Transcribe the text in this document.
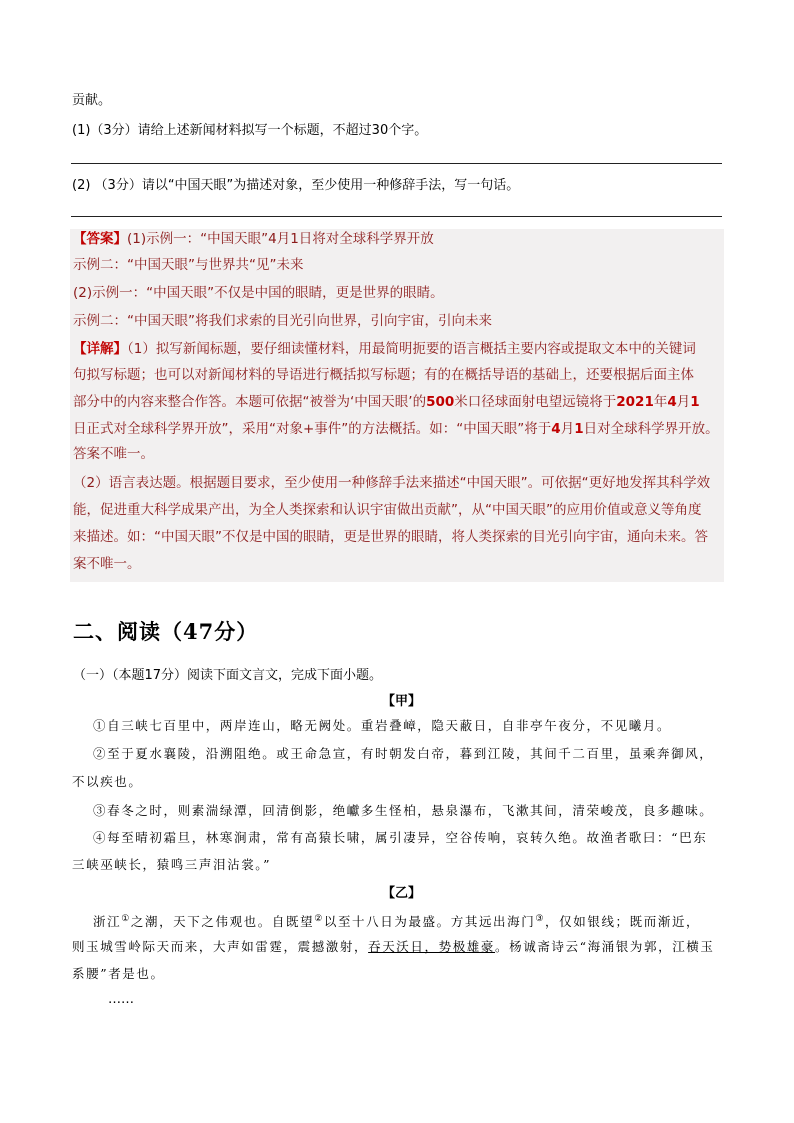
贡献。
(1)（3分）请给上述新闻材料拟写一个标题，不超过30个字。
(2) （3分）请以“中国天眼”为描述对象，至少使用一种修辞手法，写一句话。
【答案】(1)示例一：“中国天眼”4月1日将对全球科学界开放
示例二：“中国天眼”与世界共“见”未来
(2)示例一：“中国天眼”不仅是中国的眼睛，更是世界的眼睛。
示例二：“中国天眼”将我们求索的目光引向世界，引向宇宙，引向未来
【详解】（1）拟写新闻标题，要仔细读懂材料，用最简明扼要的语言概括主要内容或提取文本中的关键词
句拟写标题；也可以对新闻材料的导语进行概括拟写标题；有的在概括导语的基础上，还要根据后面主体
部分中的内容来整合作答。本题可依据“被誉为‘中国天眼’的500米口径球面射电望远镜将于2021年4月1
日正式对全球科学界开放”，采用“对象+事件”的方法概括。如：“中国天眼”将于4月1日对全球科学界开放。
答案不唯一。
（2）语言表达题。根据题目要求，至少使用一种修辞手法来描述“中国天眼”。可依据“更好地发挥其科学效
能，促进重大科学成果产出，为全人类探索和认识宇宙做出贡献”，从“中国天眼”的应用价值或意义等角度
来描述。如：“中国天眼”不仅是中国的眼睛，更是世界的眼睛，将人类探索的目光引向宇宙，通向未来。答
案不唯一。
二、阅读（47分）
（一）（本题17分）阅读下面文言文，完成下面小题。
【甲】
①自三峡七百里中，两岸连山，略无阙处。重岩叠嶂，隐天蔽日，自非亭午夜分，不见曦月。
②至于夏水襄陵，沿溯阻绝。或王命急宣，有时朝发白帝，暮到江陵，其间千二百里，虽乘奔御风，
不以疾也。
③春冬之时，则素湍绿潭，回清倒影，绝巘多生怪柏，悬泉瀑布，飞漱其间，清荣峻茂，良多趣味。
④每至晴初霜旦，林寒涧肃，常有高猿长啸，属引凄异，空谷传响，哀转久绝。故渔者歌曰：“巴东
三峡巫峡长，猿鸣三声泪沾裳。”
【乙】
浙江①之潮，天下之伟观也。自既望②以至十八日为最盛。方其远出海门③，仅如银线；既而渐近，
则玉城雪岭际天而来，大声如雷霆，震撼激射，吞天沃日，势极雄豪。杨诚斋诗云“海涌银为郭，江横玉
系腰”者是也。
……
